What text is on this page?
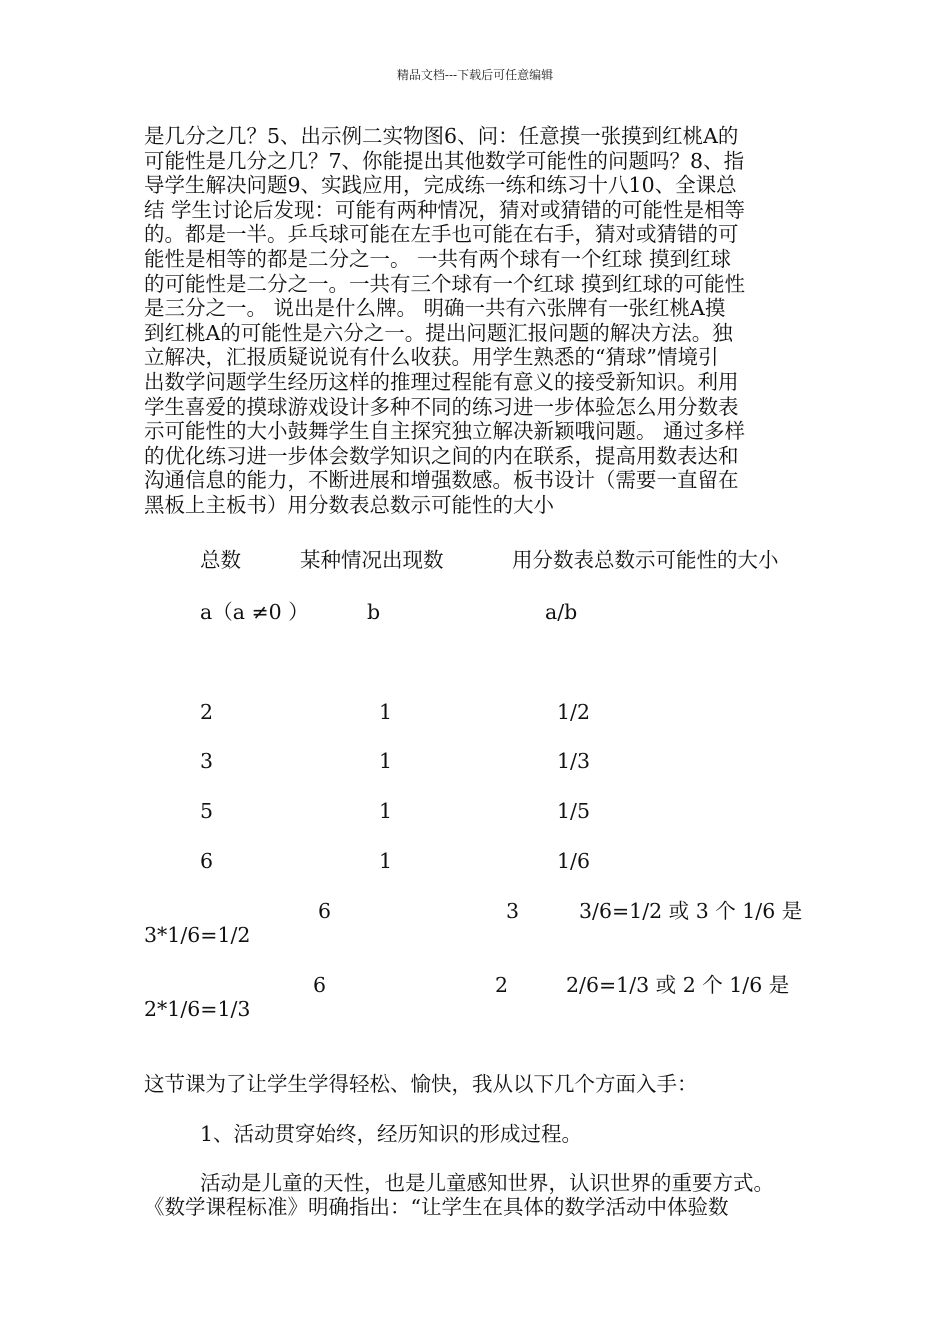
精品文档---下载后可任意编辑

是几分之几？5、出示例二实物图6、问：任意摸一张摸到红桃A的

可能性是几分之几？7、你能提出其他数学可能性的问题吗？8、指

导学生解决问题9、实践应用，完成练一练和练习十八10、全课总

结 学生讨论后发现：可能有两种情况，猜对或猜错的可能性是相等

的。都是一半。乒乓球可能在左手也可能在右手，猜对或猜错的可

能性是相等的都是二分之一。 一共有两个球有一个红球 摸到红球

的可能性是二分之一。一共有三个球有一个红球 摸到红球的可能性

是三分之一。 说出是什么牌。 明确一共有六张牌有一张红桃A摸

到红桃A的可能性是六分之一。提出问题汇报问题的解决方法。独

立解决，汇报质疑说说有什么收获。用学生熟悉的“猜球”情境引

出数学问题学生经历这样的推理过程能有意义的接受新知识。利用

学生喜爱的摸球游戏设计多种不同的练习进一步体验怎么用分数表

示可能性的大小鼓舞学生自主探究独立解决新颖哦问题。 通过多样

的优化练习进一步体会数学知识之间的内在联系，提高用数表达和

沟通信息的能力，不断进展和增强数感。板书设计（需要一直留在

黑板上主板书）用分数表总数示可能性的大小

总数	某种情况出现数	用分数表总数示可能性的大小
a（a ≠0 ）	b	a/b
2	1	1/2
3	1	1/3
5	1	1/5
6	1	1/6
6	3	3/6=1/2 或 3 个 1/6 是
3*1/6=1/2
6	2	2/6=1/3 或 2 个 1/6 是
2*1/6=1/3
这节课为了让学生学得轻松、愉快，我从以下几个方面入手：
1、活动贯穿始终，经历知识的形成过程。
活动是儿童的天性，也是儿童感知世界，认识世界的重要方式。
《数学课程标准》明确指出：“让学生在具体的数学活动中体验数
